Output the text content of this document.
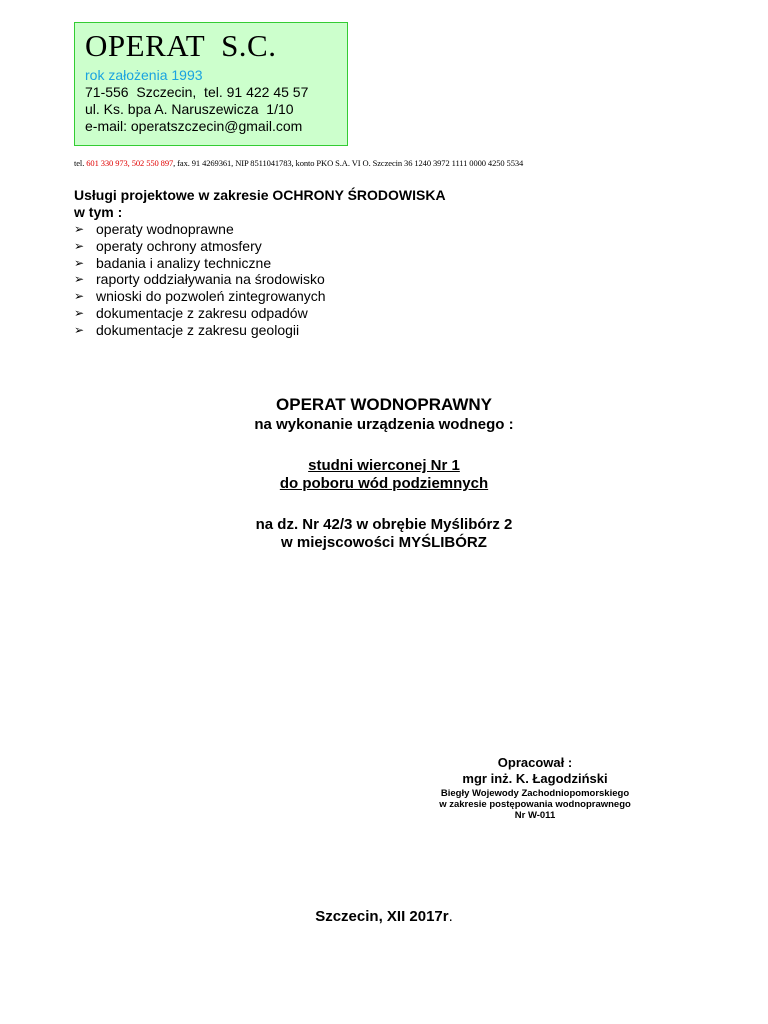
OPERAT  S.C.
rok założenia 1993
71-556  Szczecin,  tel. 91 422 45 57
ul. Ks. bpa A. Naruszewicza  1/10
e-mail: operatszczecin@gmail.com
tel. 601 330 973, 502 550 897, fax. 91 4269361, NIP 8511041783, konto PKO S.A. VI O. Szczecin 36 1240 3972 1111 0000 4250 5534
Usługi projektowe w zakresie OCHRONY ŚRODOWISKA
w tym :
➢ operaty wodnoprawne
➢ operaty ochrony atmosfery
➢ badania i analizy techniczne
➢ raporty oddziaływania na środowisko
➢ wnioski do pozwoleń zintegrowanych
➢ dokumentacje z zakresu odpadów
➢ dokumentacje z zakresu geologii
OPERAT WODNOPRAWNY
na wykonanie urządzenia wodnego :
studni wierconej Nr 1
do poboru wód podziemnych
na dz. Nr 42/3 w obrębie Myślibórz 2
w miejscowości MYŚLIBÓRZ
Opracował :
mgr inż. K. Łagodziński
Biegły Wojewody Zachodniopomorskiego
w zakresie postępowania wodnoprawnego
Nr W-011
Szczecin, XII 2017r.
